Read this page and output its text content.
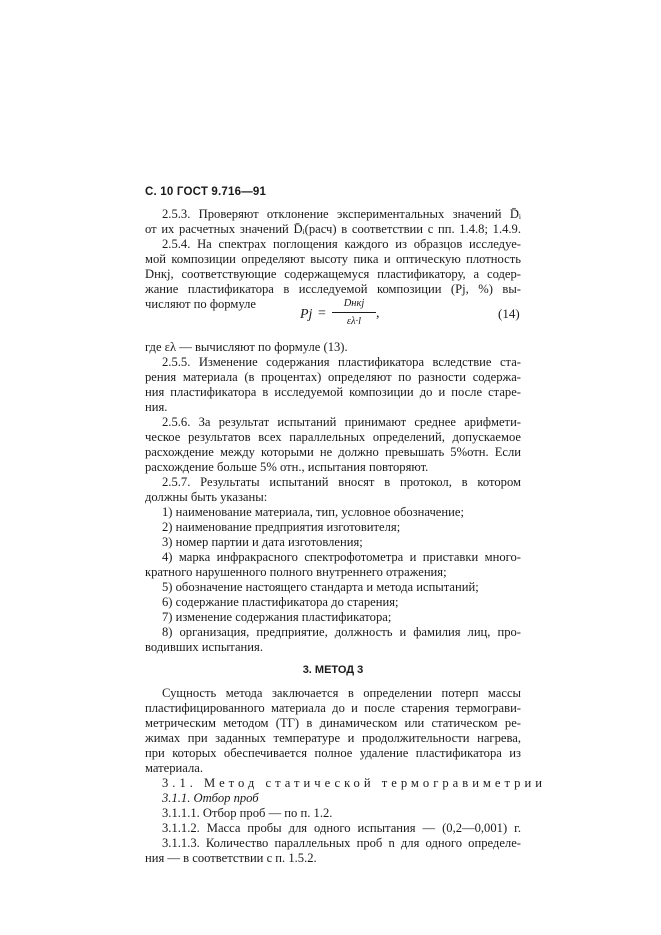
С. 10 ГОСТ 9.716—91
2.5.3. Проверяют отклонение экспериментальных значений D̄ᵢ
от их расчетных значений D̄ᵢ(расч) в соответствии с пп. 1.4.8; 1.4.9.
2.5.4. На спектрах поглощения каждого из образцов исследуе-
мой композиции определяют высоту пика и оптическую плотность
Dнкj, соответствующие содержащемуся пластификатору, а содер-
жание пластификатора в исследуемой композиции (Pj, %) вы-
числяют по формуле
Pj =
Dнкj
ελ·l
,	(14)
где ελ — вычисляют по формуле (13).
2.5.5. Изменение содержания пластификатора вследствие ста-
рения материала (в процентах) определяют по разности содержа-
ния пластификатора в исследуемой композиции до и после старе-
ния.
2.5.6. За результат испытаний принимают среднее арифмети-
ческое результатов всех параллельных определений, допускаемое
расхождение между которыми не должно превышать 5%отн. Если
расхождение больше 5% отн., испытания повторяют.
2.5.7. Результаты испытаний вносят в протокол, в котором
должны быть указаны:
1) наименование материала, тип, условное обозначение;
2) наименование предприятия изготовителя;
3) номер партии и дата изготовления;
4) марка инфракрасного спектрофотометра и приставки много-
кратного нарушенного полного внутреннего отражения;
5) обозначение настоящего стандарта и метода испытаний;
6) содержание пластификатора до старения;
7) изменение содержания пластификатора;
8) организация, предприятие, должность и фамилия лиц, про-
водивших испытания.
3. МЕТОД 3
Сущность метода заключается в определении потерп массы
пластифицированного материала до и после старения термограви-
метрическим методом (ТГ) в динамическом или статическом ре-
жимах при заданных температуре и продолжительности нагрева,
при которых обеспечивается полное удаление пластификатора из
материала.
3.1. Метод статической термогравиметрии
3.1.1. Отбор проб
3.1.1.1. Отбор проб — по п. 1.2.
3.1.1.2. Масса пробы для одного испытания — (0,2—0,001) г.
3.1.1.3. Количество параллельных проб n для одного определе-
ния — в соответствии с п. 1.5.2.
